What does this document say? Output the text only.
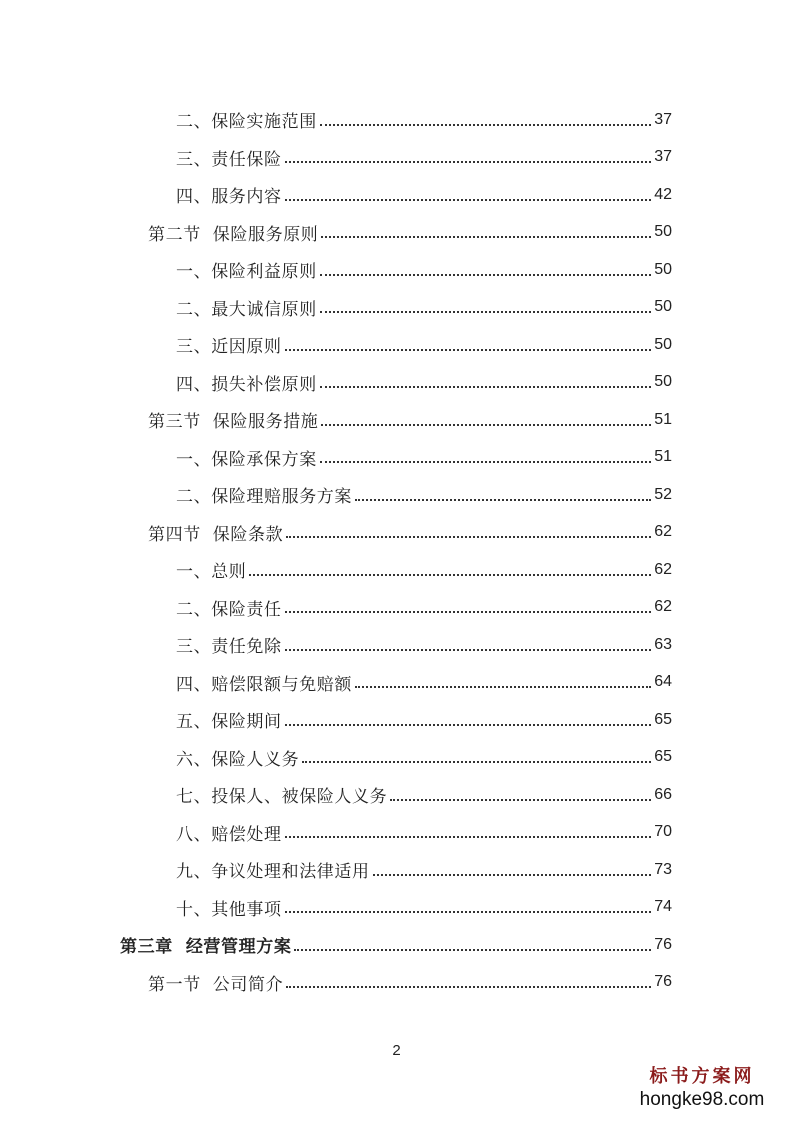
二、保险实施范围	37
三、责任保险	37
四、服务内容	42
第二节  保险服务原则	50
一、保险利益原则	50
二、最大诚信原则	50
三、近因原则	50
四、损失补偿原则	50
第三节  保险服务措施	51
一、保险承保方案	51
二、保险理赔服务方案	52
第四节  保险条款	62
一、总则	62
二、保险责任	62
三、责任免除	63
四、赔偿限额与免赔额	64
五、保险期间	65
六、保险人义务	65
七、投保人、被保险人义务	66
八、赔偿处理	70
九、争议处理和法律适用	73
十、其他事项	74
第三章  经营管理方案	76
第一节  公司简介	76
2
标书方案网
hongke98.com
